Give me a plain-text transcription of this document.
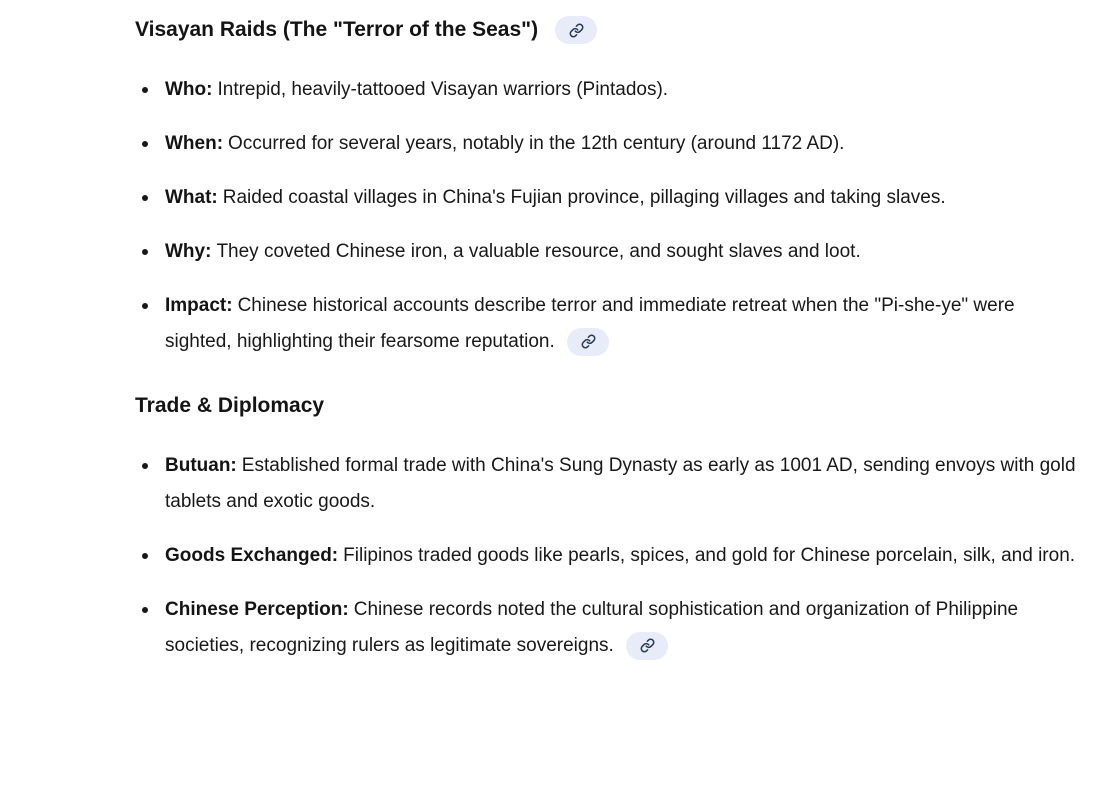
Visayan Raids (The "Terror of the Seas")
Who: Intrepid, heavily-tattooed Visayan warriors (Pintados).
When: Occurred for several years, notably in the 12th century (around 1172 AD).
What: Raided coastal villages in China's Fujian province, pillaging villages and taking slaves.
Why: They coveted Chinese iron, a valuable resource, and sought slaves and loot.
Impact: Chinese historical accounts describe terror and immediate retreat when the "Pi-she-ye" were sighted, highlighting their fearsome reputation.
Trade & Diplomacy
Butuan: Established formal trade with China's Sung Dynasty as early as 1001 AD, sending envoys with gold tablets and exotic goods.
Goods Exchanged: Filipinos traded goods like pearls, spices, and gold for Chinese porcelain, silk, and iron.
Chinese Perception: Chinese records noted the cultural sophistication and organization of Philippine societies, recognizing rulers as legitimate sovereigns.
